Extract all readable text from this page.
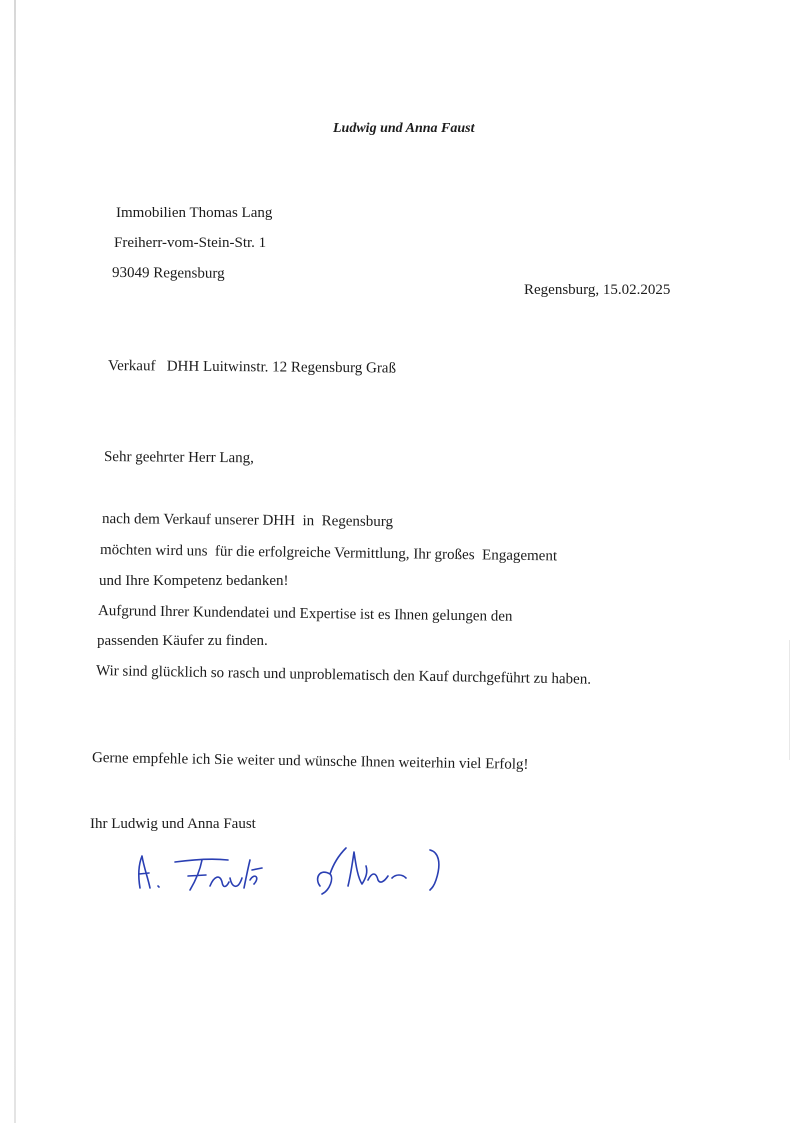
Ludwig und Anna Faust
Immobilien Thomas Lang
Freiherr-vom-Stein-Str. 1
93049 Regensburg
Regensburg, 15.02.2025
Verkauf   DHH Luitwinstr. 12 Regensburg Graß
Sehr geehrter Herr Lang,
nach dem Verkauf unserer DHH  in  Regensburg
möchten wird uns  für die erfolgreiche Vermittlung, Ihr großes  Engagement
und Ihre Kompetenz bedanken!
Aufgrund Ihrer Kundendatei und Expertise ist es Ihnen gelungen den
passenden Käufer zu finden.
Wir sind glücklich so rasch und unproblematisch den Kauf durchgeführt zu haben.
Gerne empfehle ich Sie weiter und wünsche Ihnen weiterhin viel Erfolg!
Ihr Ludwig und Anna Faust
